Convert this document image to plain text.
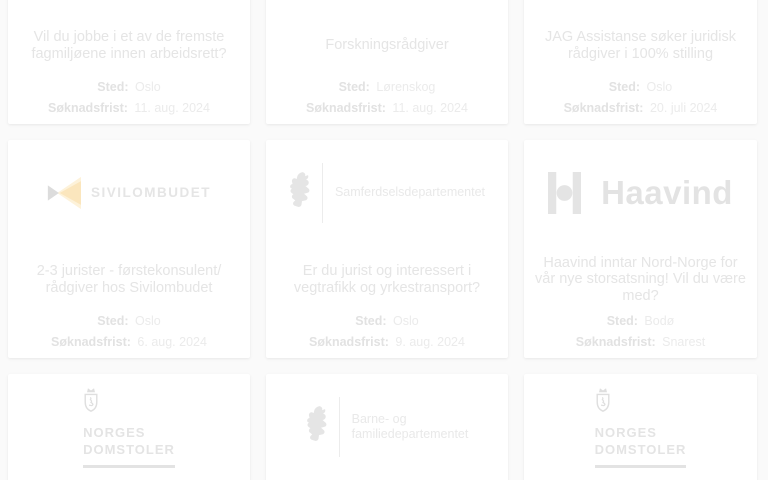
Vil du jobbe i et av de fremste fagmiljøene innen arbeidsrett?

Sted: Oslo

Søknadsfrist: 11. aug. 2024

Forskningsrådgiver

Sted: Lørenskog

Søknadsfrist: 11. aug. 2024

JAG Assistanse søker juridisk rådgiver i 100% stilling

Sted: Oslo

Søknadsfrist: 20. juli 2024

SIVILOMBUDET
2-3 jurister - førstekonsulent/​rådgiver hos Sivilombudet

Sted: Oslo

Søknadsfrist: 6. aug. 2024

Samferdselsdepartementet
Er du jurist og interessert i vegtrafikk og yrkestransport?

Sted: Oslo

Søknadsfrist: 9. aug. 2024

Haavind
Haavind inntar Nord-Norge for vår nye storsatsning! Vil du være med?

Sted: Bodø

Søknadsfrist: Snarest

NORGES
DOMSTOLER
Barne- og
familiedepartementet	NORGES
DOMSTOLER
